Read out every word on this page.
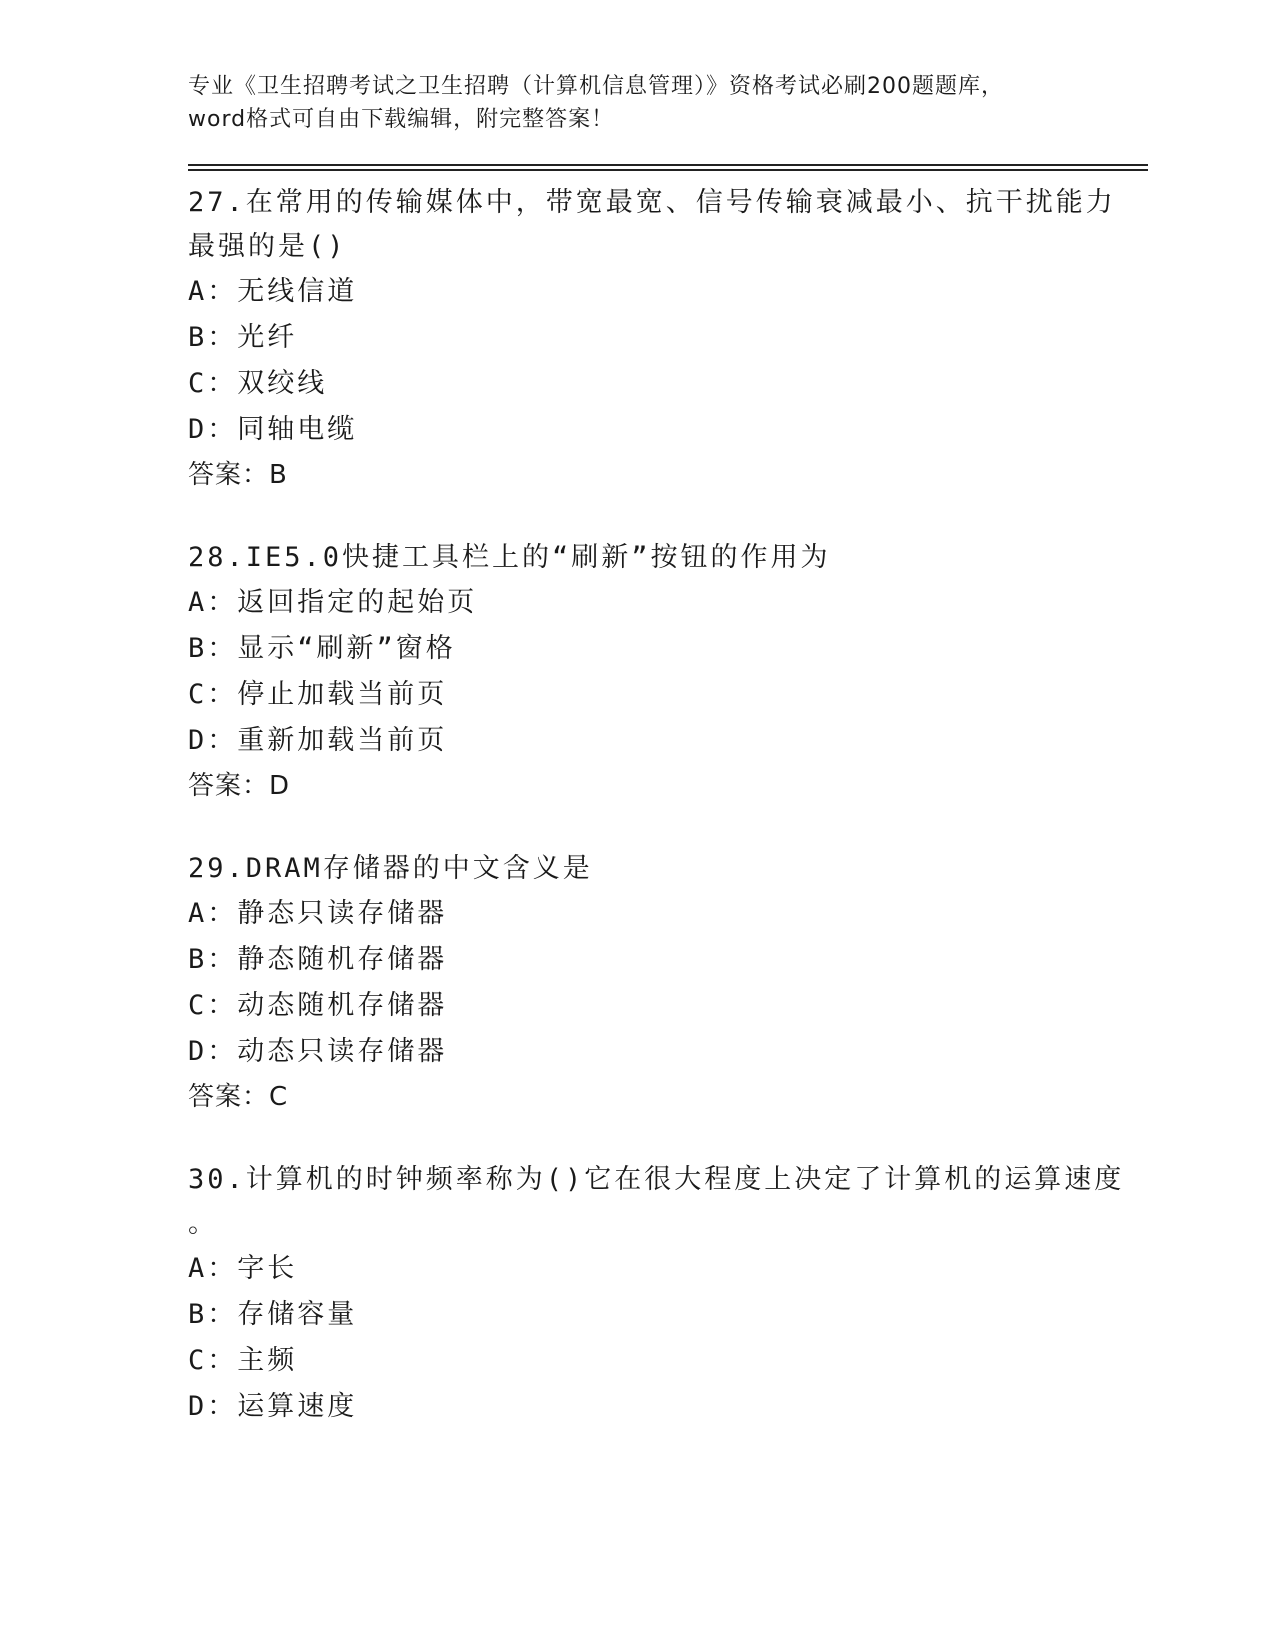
专业《卫生招聘考试之卫生招聘（计算机信息管理）》资格考试必刷200题题库，
word格式可自由下载编辑，附完整答案！
27.在常用的传输媒体中，带宽最宽、信号传输衰减最小、抗干扰能力
最强的是()
A：无线信道
B：光纤
C：双绞线
D：同轴电缆
答案：B
28.IE5.0快捷工具栏上的“刷新”按钮的作用为
A：返回指定的起始页
B：显示“刷新”窗格
C：停止加载当前页
D：重新加载当前页
答案：D
29.DRAM存储器的中文含义是
A：静态只读存储器
B：静态随机存储器
C：动态随机存储器
D：动态只读存储器
答案：C
30.计算机的时钟频率称为()它在很大程度上决定了计算机的运算速度
。
A：字长
B：存储容量
C：主频
D：运算速度
